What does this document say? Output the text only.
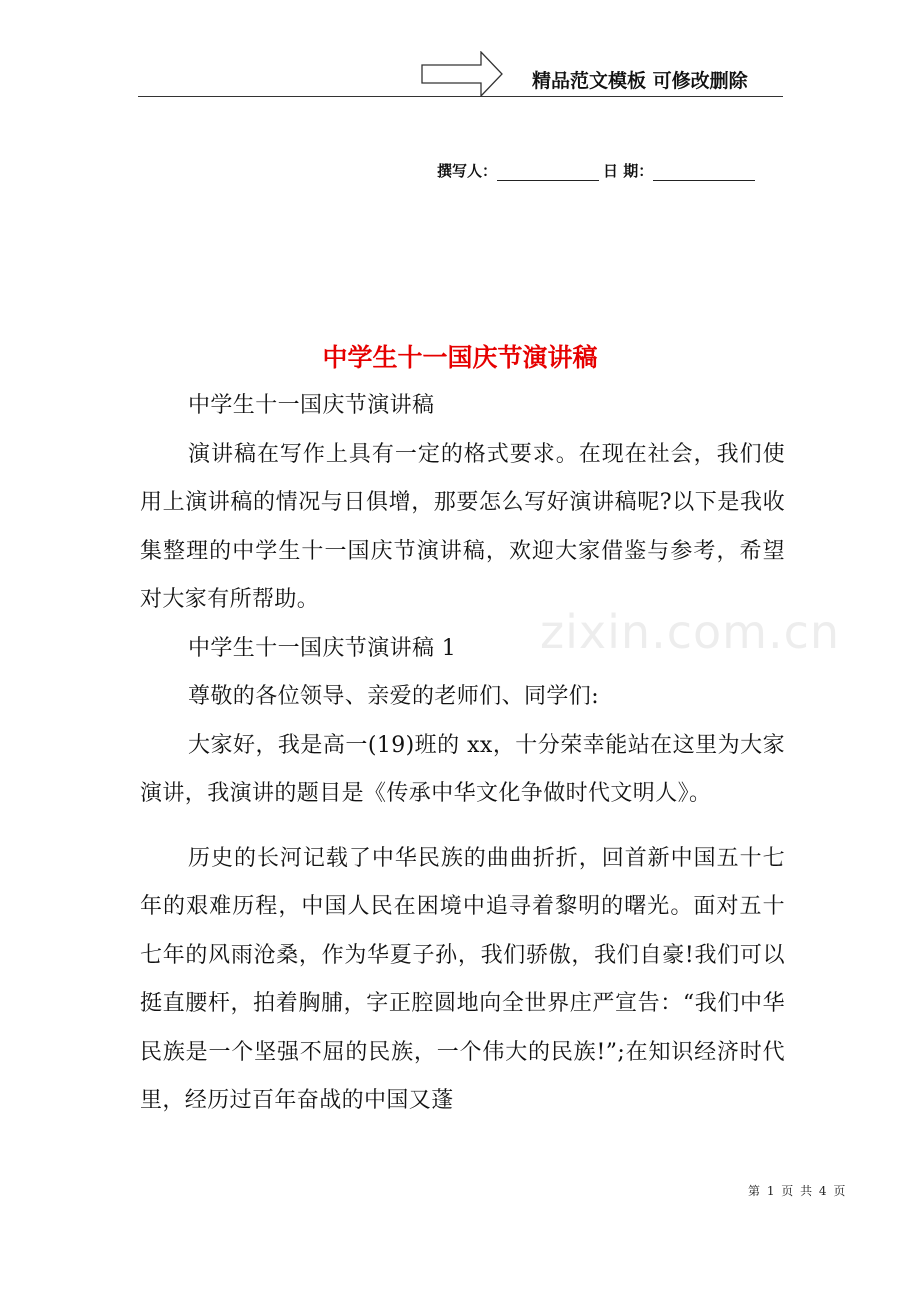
精品范文模板 可修改删除
撰写人：	日 期：
中学生十一国庆节演讲稿

中学生十一国庆节演讲稿

演讲稿在写作上具有一定的格式要求。在现在社会，我们使用上演讲稿的情况与日俱增，那要怎么写好演讲稿呢?以下是我收集整理的中学生十一国庆节演讲稿，欢迎大家借鉴与参考，希望对大家有所帮助。

中学生十一国庆节演讲稿 1

尊敬的各位领导、亲爱的老师们、同学们:

大家好，我是高一(19)班的 xx，十分荣幸能站在这里为大家演讲，我演讲的题目是《传承中华文化争做时代文明人》。

历史的长河记载了中华民族的曲曲折折，回首新中国五十七年的艰难历程，中国人民在困境中追寻着黎明的曙光。面对五十七年的风雨沧桑，作为华夏子孙，我们骄傲，我们自豪!我们可以挺直腰杆，拍着胸脯，字正腔圆地向全世界庄严宣告：“我们中华民族是一个坚强不屈的民族，一个伟大的民族!”;在知识经济时代里，经历过百年奋战的中国又蓬

zixin.com.cn
第 1 页 共 4 页
